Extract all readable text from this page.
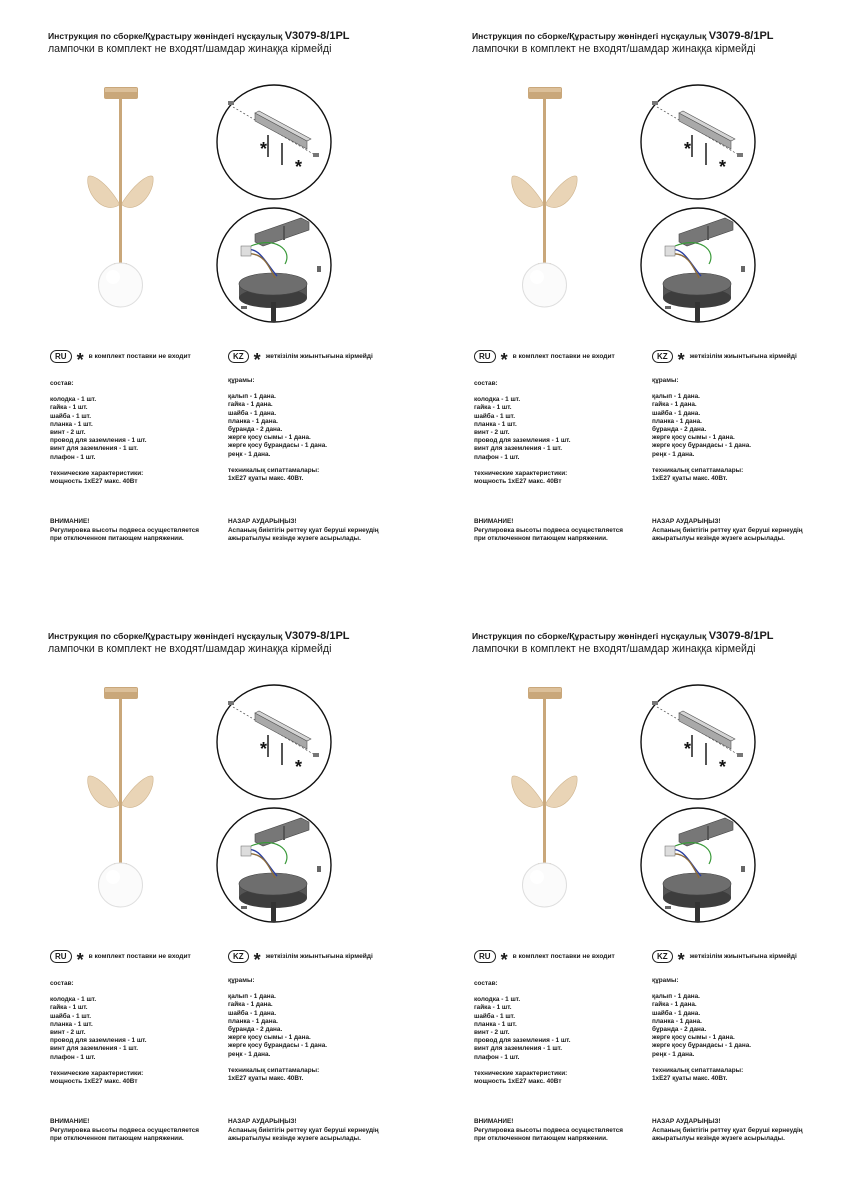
Инструкция по сборке/Құрастыру жөніндегі нұсқаулық V3079-8/1PL
лампочки в комплект не входят/шамдар жинаққа кірмейді
*
*
RU * в комплект поставки не входит	KZ * жеткізілім жиынтығына кірмейді
состав:
колодка - 1 шт.
гайка - 1 шт.
шайба - 1 шт.
планка - 1 шт.
винт - 2 шт.
провод для заземления - 1 шт.
винт для заземления - 1 шт.
плафон - 1 шт.
технические характеристики:
мощность 1хЕ27 макс. 40Вт
құрамы:
қалып - 1 дана.
гайка - 1 дана.
шайба - 1 дана.
планка - 1 дана.
бұранда - 2 дана.
жерге қосу сымы - 1 дана.
жерге қосу бұрандасы - 1 дана.
реңк - 1 дана.
техникалық сипаттамалары:
1хЕ27 қуаты макс. 40Вт.
ВНИМАНИЕ!
Регулировка высоты подвеса осуществляется
при отключенном питающем напряжении.
НАЗАР АУДАРЫҢЫЗ!
Аспаның биіктігін реттеу қуат беруші кернеудің
ажыратылуы кезінде жүзеге асырылады.
Инструкция по сборке/Құрастыру жөніндегі нұсқаулық V3079-8/1PL
лампочки в комплект не входят/шамдар жинаққа кірмейді
*
*
RU * в комплект поставки не входит	KZ * жеткізілім жиынтығына кірмейді
состав:
колодка - 1 шт.
гайка - 1 шт.
шайба - 1 шт.
планка - 1 шт.
винт - 2 шт.
провод для заземления - 1 шт.
винт для заземления - 1 шт.
плафон - 1 шт.
технические характеристики:
мощность 1хЕ27 макс. 40Вт
құрамы:
қалып - 1 дана.
гайка - 1 дана.
шайба - 1 дана.
планка - 1 дана.
бұранда - 2 дана.
жерге қосу сымы - 1 дана.
жерге қосу бұрандасы - 1 дана.
реңк - 1 дана.
техникалық сипаттамалары:
1хЕ27 қуаты макс. 40Вт.
ВНИМАНИЕ!
Регулировка высоты подвеса осуществляется
при отключенном питающем напряжении.
НАЗАР АУДАРЫҢЫЗ!
Аспаның биіктігін реттеу қуат беруші кернеудің
ажыратылуы кезінде жүзеге асырылады.
Инструкция по сборке/Құрастыру жөніндегі нұсқаулық V3079-8/1PL
лампочки в комплект не входят/шамдар жинаққа кірмейді
*
*
RU * в комплект поставки не входит	KZ * жеткізілім жиынтығына кірмейді
состав:
колодка - 1 шт.
гайка - 1 шт.
шайба - 1 шт.
планка - 1 шт.
винт - 2 шт.
провод для заземления - 1 шт.
винт для заземления - 1 шт.
плафон - 1 шт.
технические характеристики:
мощность 1хЕ27 макс. 40Вт
құрамы:
қалып - 1 дана.
гайка - 1 дана.
шайба - 1 дана.
планка - 1 дана.
бұранда - 2 дана.
жерге қосу сымы - 1 дана.
жерге қосу бұрандасы - 1 дана.
реңк - 1 дана.
техникалық сипаттамалары:
1хЕ27 қуаты макс. 40Вт.
ВНИМАНИЕ!
Регулировка высоты подвеса осуществляется
при отключенном питающем напряжении.
НАЗАР АУДАРЫҢЫЗ!
Аспаның биіктігін реттеу қуат беруші кернеудің
ажыратылуы кезінде жүзеге асырылады.
Инструкция по сборке/Құрастыру жөніндегі нұсқаулық V3079-8/1PL
лампочки в комплект не входят/шамдар жинаққа кірмейді
*
*
RU * в комплект поставки не входит	KZ * жеткізілім жиынтығына кірмейді
состав:
колодка - 1 шт.
гайка - 1 шт.
шайба - 1 шт.
планка - 1 шт.
винт - 2 шт.
провод для заземления - 1 шт.
винт для заземления - 1 шт.
плафон - 1 шт.
технические характеристики:
мощность 1хЕ27 макс. 40Вт
құрамы:
қалып - 1 дана.
гайка - 1 дана.
шайба - 1 дана.
планка - 1 дана.
бұранда - 2 дана.
жерге қосу сымы - 1 дана.
жерге қосу бұрандасы - 1 дана.
реңк - 1 дана.
техникалық сипаттамалары:
1хЕ27 қуаты макс. 40Вт.
ВНИМАНИЕ!
Регулировка высоты подвеса осуществляется
при отключенном питающем напряжении.
НАЗАР АУДАРЫҢЫЗ!
Аспаның биіктігін реттеу қуат беруші кернеудің
ажыратылуы кезінде жүзеге асырылады.
